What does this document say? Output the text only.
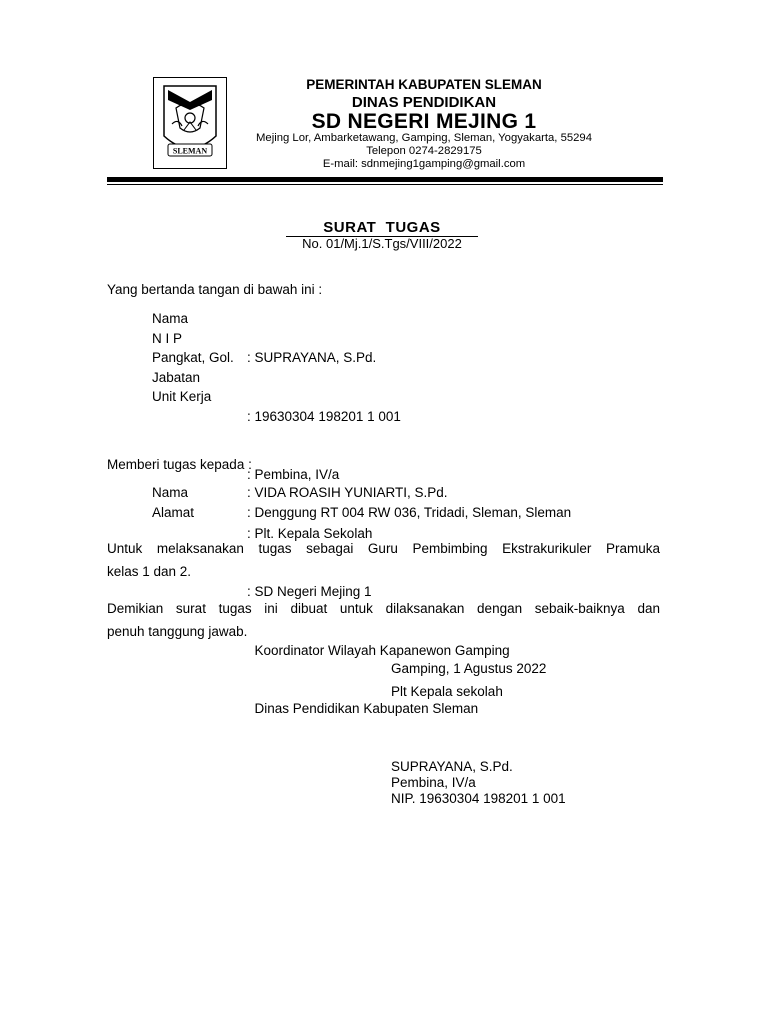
SLEMAN
PEMERINTAH KABUPATEN SLEMAN
DINAS PENDIDIKAN
SD NEGERI MEJING 1
Mejing Lor, Ambarketawang, Gamping, Sleman, Yogyakarta, 55294
Telepon 0274-2829175
E-mail: sdnmejing1gamping@gmail.com
SURAT  TUGAS
No. 01/Mj.1/S.Tgs/VIII/2022
Yang bertanda tangan di bawah ini :
Nama
N I P
Pangkat, Gol.
Jabatan
Unit Kerja

: SUPRAYANA, S.Pd.

: 19630304 198201 1 001

: Pembina, IV/a

: Plt. Kepala Sekolah

: SD Negeri Mejing 1

Koordinator Wilayah Kapanewon Gamping

Dinas Pendidikan Kabupaten Sleman

Memberi tugas kepada :
Nama
Alamat
: VIDA ROASIH YUNIARTI, S.Pd.
: Denggung RT 004 RW 036, Tridadi, Sleman, Sleman
Untuk melaksanakan tugas sebagai Guru Pembimbing Ekstrakurikuler Pramuka
kelas 1 dan 2.
Demikian surat tugas ini dibuat untuk dilaksanakan dengan sebaik-baiknya dan
penuh tanggung jawab.
Gamping, 1 Agustus 2022
Plt Kepala sekolah
SUPRAYANA, S.Pd.
Pembina, IV/a
NIP. 19630304 198201 1 001
